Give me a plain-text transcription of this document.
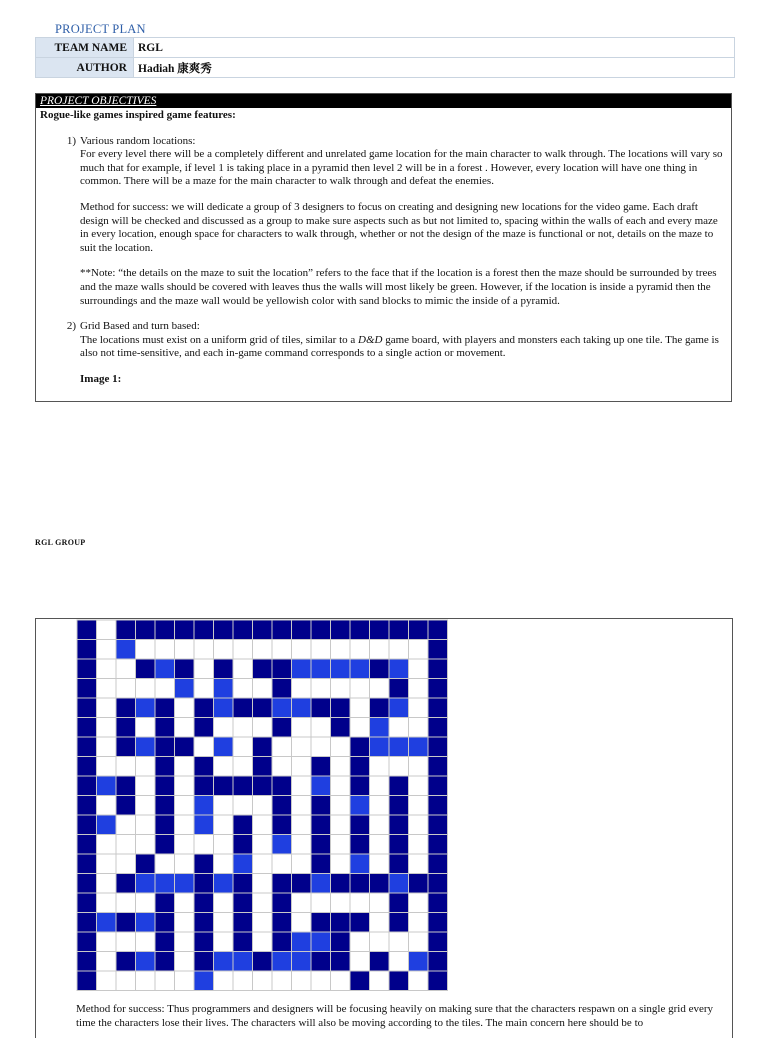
PROJECT PLAN
TEAM NAME	RGL
AUTHOR	Hadiah 康爽秀
PROJECT OBJECTIVES
Rogue-like games inspired game features:
1) Various random locations:
For every level there will be a completely different and unrelated game location for the main character to walk through. The locations will vary so much that for example, if level 1 is taking place in a pyramid then level 2 will be in a forest . However, every location will have one thing in common. There will be a maze for the main character to walk through and defeat the enemies.
Method for success: we will dedicate a group of 3 designers to focus on creating and designing new locations for the video game. Each draft design will be checked and discussed as a group to make sure aspects such as but not limited to, spacing within the walls of each and every maze in every location, enough space for characters to walk through, whether or not the design of the maze is functional or not, details on the maze to suit the location.
**Note: “the details on the maze to suit the location” refers to the face that if the location is a forest then the maze should be surrounded by trees and the maze walls should be covered with leaves thus the walls will most likely be green. However, if the location is inside a pyramid then the surroundings and the maze wall would be yellowish color with sand blocks to mimic the inside of a pyramid.
2) Grid Based and turn based:
The locations must exist on a uniform grid of tiles, similar to a D&D game board, with players and monsters each taking up one tile. The game is also not time-sensitive, and each in-game command corresponds to a single action or movement.
Image 1:
RGL GROUP
Method for success: Thus programmers and designers will be focusing heavily on making sure that the characters respawn on a single grid every time the characters lose their lives. The characters will also be moving according to the tiles. The main concern here should be to
